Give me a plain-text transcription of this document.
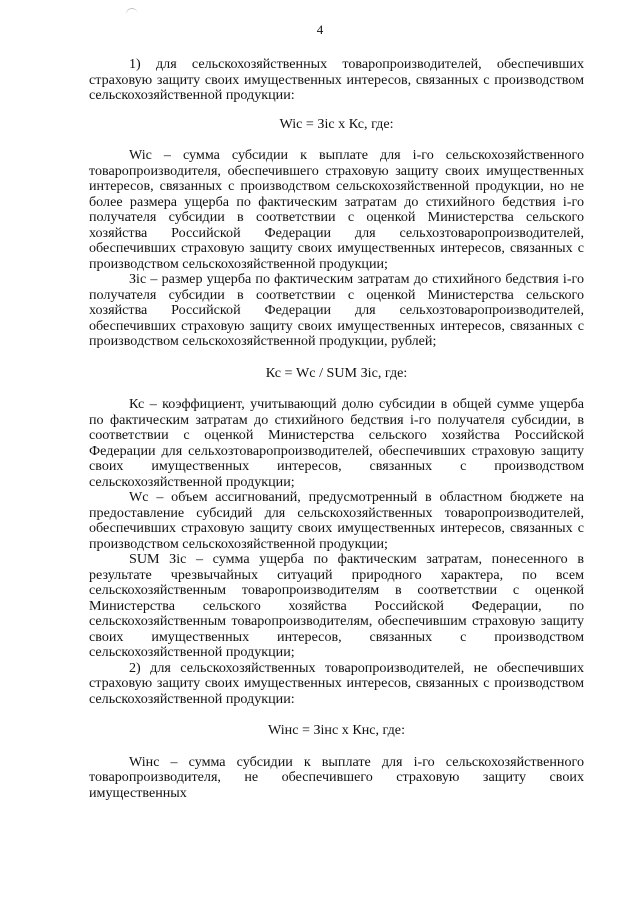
4

1) для сельскохозяйственных товаропроизводителей, обеспечивших страховую защиту своих имущественных интересов, связанных с производством сельскохозяйственной продукции:

Wic = Зic x Кс, где:

Wic – сумма субсидии к выплате для i-го сельскохозяйственного товаропроизводителя, обеспечившего страховую защиту своих имущественных интересов, связанных с производством сельскохозяйственной продукции, но не более размера ущерба по фактическим затратам до стихийного бедствия i-го получателя субсидии в соответствии с оценкой Министерства сельского хозяйства Российской Федерации для сельхозтоваропроизводителей, обеспечивших страховую защиту своих имущественных интересов, связанных с производством сельскохозяйственной продукции;

Зic – размер ущерба по фактическим затратам до стихийного бедствия i-го получателя субсидии в соответствии с оценкой Министерства сельского хозяйства Российской Федерации для сельхозтоваропроизводителей, обеспечивших страховую защиту своих имущественных интересов, связанных с производством сельскохозяйственной продукции, рублей;

Кс = Wс / SUM Зic, где:

Кс – коэффициент, учитывающий долю субсидии в общей сумме ущерба по фактическим затратам до стихийного бедствия i-го получателя субсидии, в соответствии с оценкой Министерства сельского хозяйства Российской Федерации для сельхозтоваропроизводителей, обеспечивших страховую защиту своих имущественных интересов, связанных с производством сельскохозяйственной продукции;

Wc – объем ассигнований, предусмотренный в областном бюджете на предоставление субсидий для сельскохозяйственных товаропроизводителей, обеспечивших страховую защиту своих имущественных интересов, связанных с производством сельскохозяйственной продукции;

SUM Зic – сумма ущерба по фактическим затратам, понесенного в результате чрезвычайных ситуаций природного характера, по всем сельскохозяйственным товаропроизводителям в соответствии с оценкой Министерства сельского хозяйства Российской Федерации, по сельскохозяйственным товаропроизводителям, обеспечившим страховую защиту своих имущественных интересов, связанных с производством сельскохозяйственной продукции;

2) для сельскохозяйственных товаропроизводителей, не обеспечивших страховую защиту своих имущественных интересов, связанных с производством сельскохозяйственной продукции:

Wiнс = Зiнс x Кнс, где:

Wiнс – сумма субсидии к выплате для i-го сельскохозяйственного товаропроизводителя, не обеспечившего страховую защиту своих имущественных
